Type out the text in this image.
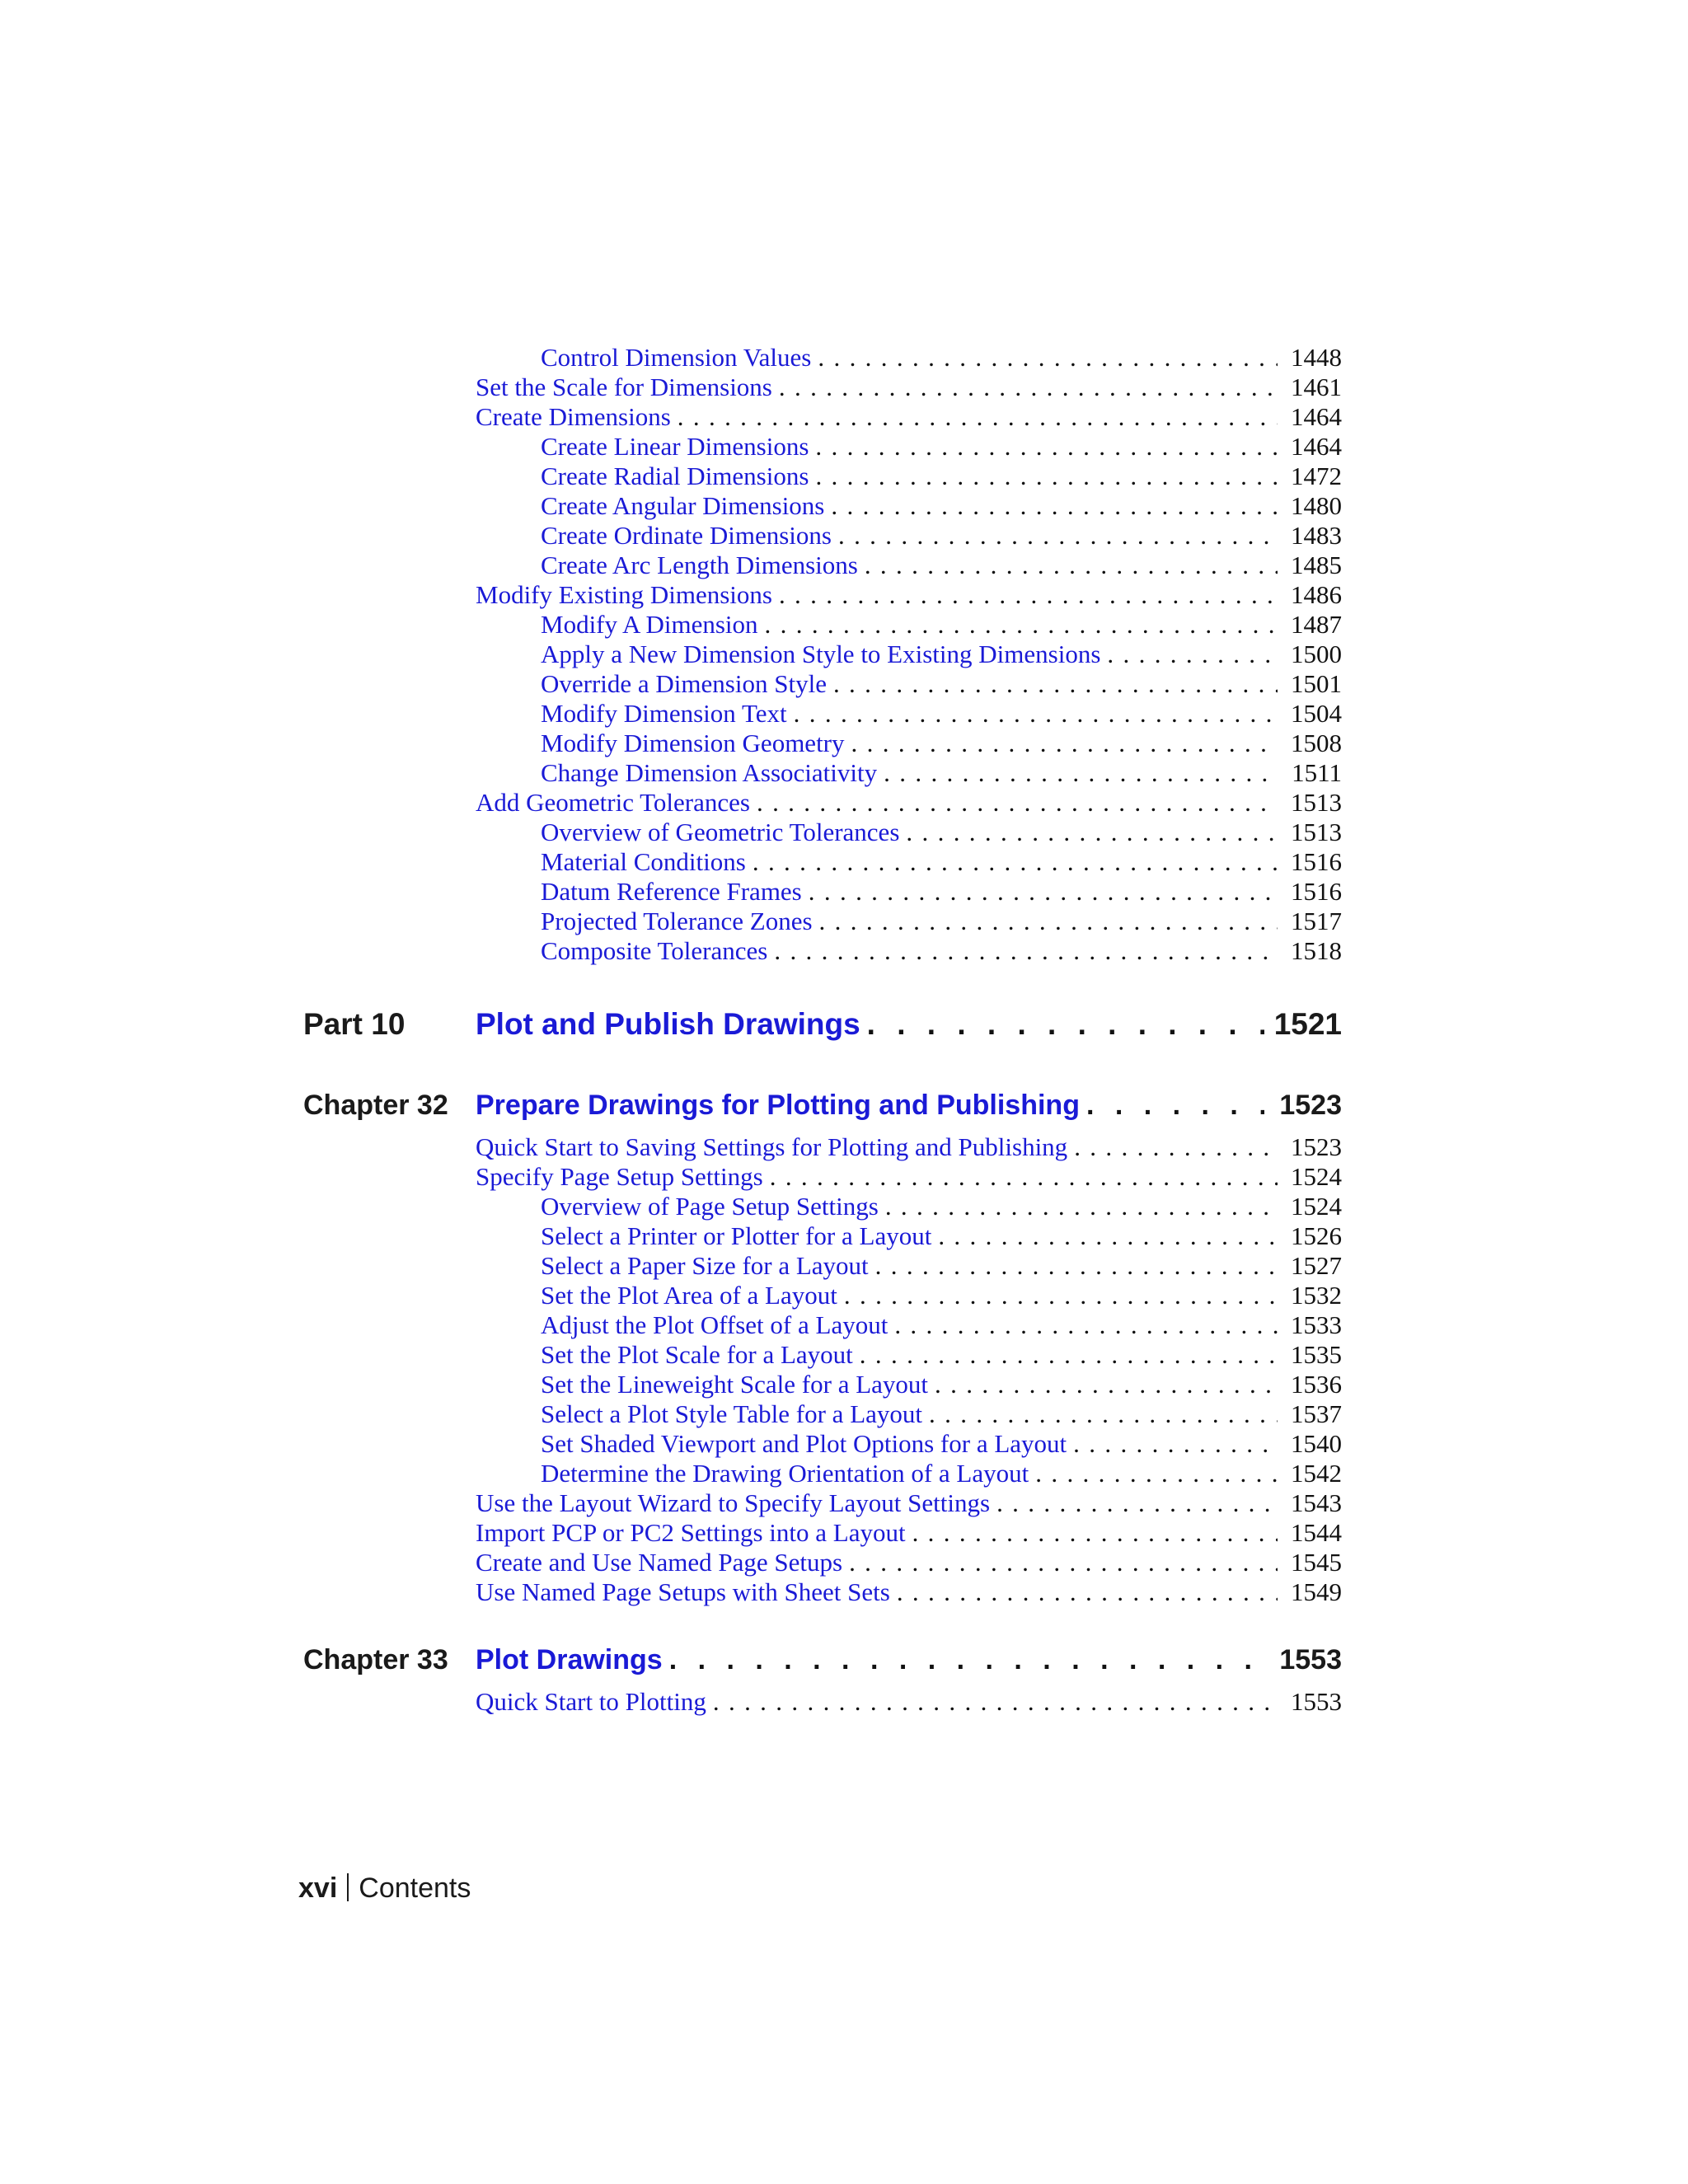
Control Dimension Values . . .	1448
Set the Scale for Dimensions . . .	1461
Create Dimensions . . .	1464
Create Linear Dimensions . . .	1464
Create Radial Dimensions . . .	1472
Create Angular Dimensions . . .	1480
Create Ordinate Dimensions . . .	1483
Create Arc Length Dimensions . . .	1485
Modify Existing Dimensions . . .	1486
Modify A Dimension . . .	1487
Apply a New Dimension Style to Existing Dimensions . . .	1500
Override a Dimension Style . . .	1501
Modify Dimension Text . . .	1504
Modify Dimension Geometry . . .	1508
Change Dimension Associativity . . .	1511
Add Geometric Tolerances . . .	1513
Overview of Geometric Tolerances . . .	1513
Material Conditions . . .	1516
Datum Reference Frames . . .	1516
Projected Tolerance Zones . . .	1517
Composite Tolerances . . .	1518
Part 10	Plot and Publish Drawings . . .	1521
Chapter 32 Prepare Drawings for Plotting and Publishing . . .	1523
Quick Start to Saving Settings for Plotting and Publishing . . .	1523
Specify Page Setup Settings . . .	1524
Overview of Page Setup Settings . . .	1524
Select a Printer or Plotter for a Layout . . .	1526
Select a Paper Size for a Layout . . .	1527
Set the Plot Area of a Layout . . .	1532
Adjust the Plot Offset of a Layout . . .	1533
Set the Plot Scale for a Layout . . .	1535
Set the Lineweight Scale for a Layout . . .	1536
Select a Plot Style Table for a Layout . . .	1537
Set Shaded Viewport and Plot Options for a Layout . . .	1540
Determine the Drawing Orientation of a Layout . . .	1542
Use the Layout Wizard to Specify Layout Settings . . .	1543
Import PCP or PC2 Settings into a Layout . . .	1544
Create and Use Named Page Setups . . .	1545
Use Named Page Setups with Sheet Sets . . .	1549
Chapter 33 Plot Drawings . . .	1553
Quick Start to Plotting . . .	1553
xvi Contents
